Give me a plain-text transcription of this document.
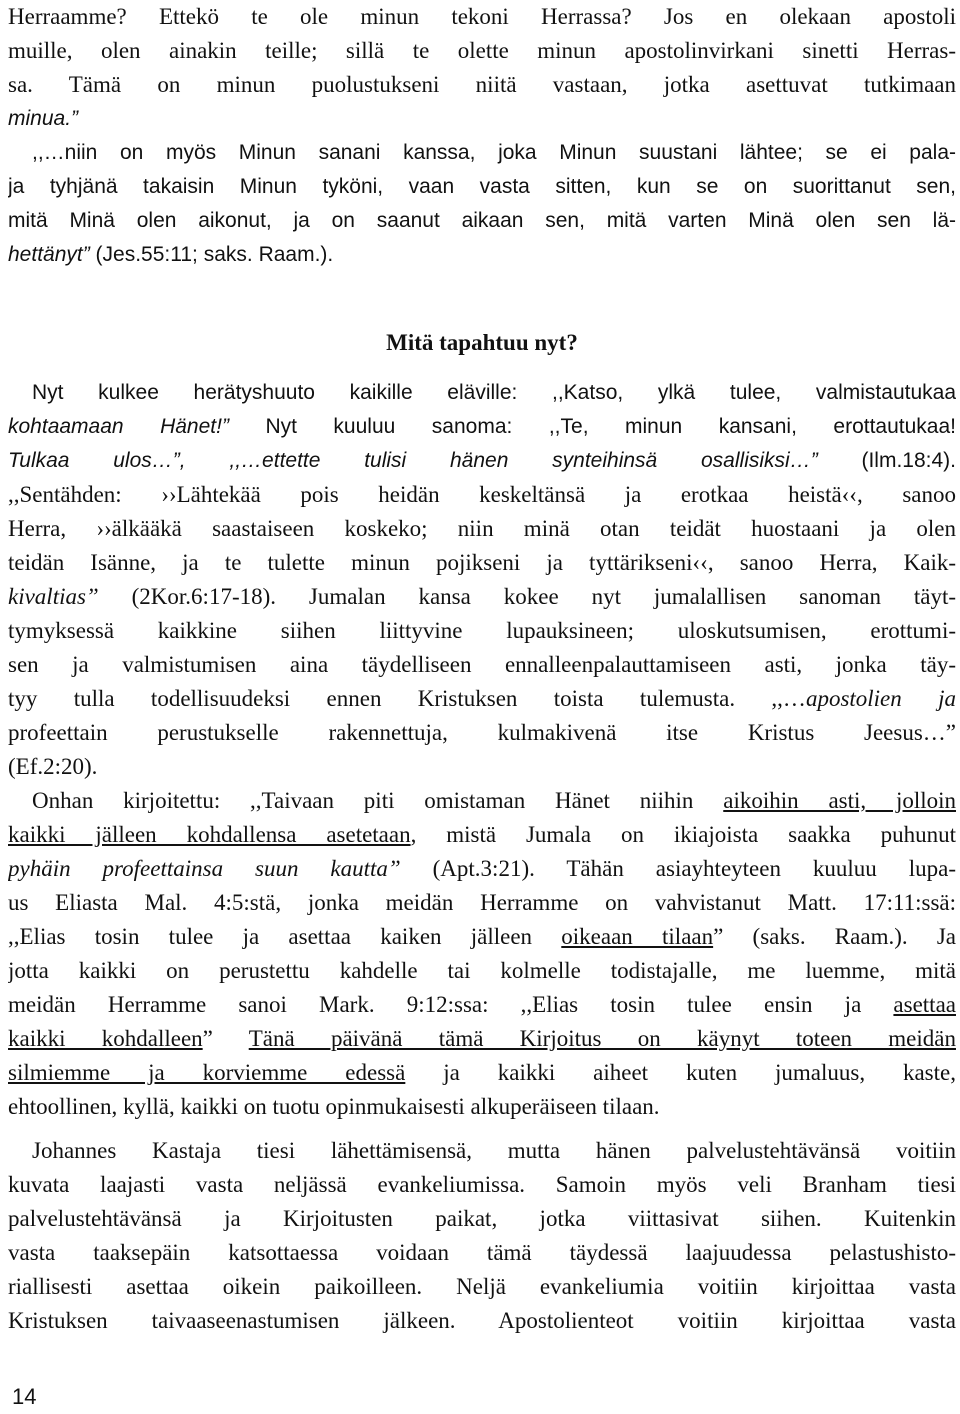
Herraamme? Ettekö te ole minun tekoni Herrassa? Jos en olekaan apostoli
muille, olen ainakin teille; sillä te olette minun apostolinvirkani sinetti Herras-
sa. Tämä on minun puolustukseni niitä vastaan, jotka asettuvat tutkimaan
minua.”
,,…niin on myös Minun sanani kanssa, joka Minun suustani lähtee; se ei pala-
ja tyhjänä takaisin Minun tyköni, vaan vasta sitten, kun se on suorittanut sen,
mitä Minä olen aikonut, ja on saanut aikaan sen, mitä varten Minä olen sen lä-
hettänyt” (Jes.55:11; saks. Raam.).
Mitä tapahtuu nyt?
Nyt kulkee herätyshuuto kaikille eläville: ,,Katso, ylkä tulee, valmistautukaa
kohtaamaan Hänet!” Nyt kuuluu sanoma: ,,Te, minun kansani, erottautukaa!
Tulkaa ulos…”, ,,…ettette tulisi hänen synteihinsä osallisiksi…” (Ilm.18:4).
,,Sentähden: ››Lähtekää pois heidän keskeltänsä ja erotkaa heistä‹‹, sanoo
Herra, ››älkääkä saastaiseen koskeko; niin minä otan teidät huostaani ja olen
teidän Isänne, ja te tulette minun pojikseni ja tyttärikseni‹‹, sanoo Herra, Kaik-
kivaltias” (2Kor.6:17-18). Jumalan kansa kokee nyt jumalallisen sanoman täyt-
tymyksessä kaikkine siihen liittyvine lupauksineen; uloskutsumisen, erottumi-
sen ja valmistumisen aina täydelliseen ennalleenpalauttamiseen asti, jonka täy-
tyy tulla todellisuudeksi ennen Kristuksen toista tulemusta. ,,…apostolien ja
profeettain perustukselle rakennettuja, kulmakivenä itse Kristus Jeesus…”
(Ef.2:20).
Onhan kirjoitettu: ,,Taivaan piti omistaman Hänet niihin aikoihin asti, jolloin
kaikki jälleen kohdallensa asetetaan, mistä Jumala on ikiajoista saakka puhunut
pyhäin profeettainsa suun kautta” (Apt.3:21). Tähän asiayhteyteen kuuluu lupa-
us Eliasta Mal. 4:5:stä, jonka meidän Herramme on vahvistanut Matt. 17:11:ssä:
,,Elias tosin tulee ja asettaa kaiken jälleen oikeaan tilaan” (saks. Raam.). Ja
jotta kaikki on perustettu kahdelle tai kolmelle todistajalle, me luemme, mitä
meidän Herramme sanoi Mark. 9:12:ssa: ,,Elias tosin tulee ensin ja asettaa
kaikki kohdalleen” Tänä päivänä tämä Kirjoitus on käynyt toteen meidän
silmiemme ja korviemme edessä ja kaikki aiheet kuten jumaluus, kaste,
ehtoollinen, kyllä, kaikki on tuotu opinmukaisesti alkuperäiseen tilaan.
Johannes Kastaja tiesi lähettämisensä, mutta hänen palvelustehtävänsä voitiin
kuvata laajasti vasta neljässä evankeliumissa. Samoin myös veli Branham tiesi
palvelustehtävänsä ja Kirjoitusten paikat, jotka viittasivat siihen. Kuitenkin
vasta taaksepäin katsottaessa voidaan tämä täydessä laajuudessa pelastushisto-
riallisesti asettaa oikein paikoilleen. Neljä evankeliumia voitiin kirjoittaa vasta
Kristuksen taivaaseenastumisen jälkeen. Apostolienteot voitiin kirjoittaa vasta
14
